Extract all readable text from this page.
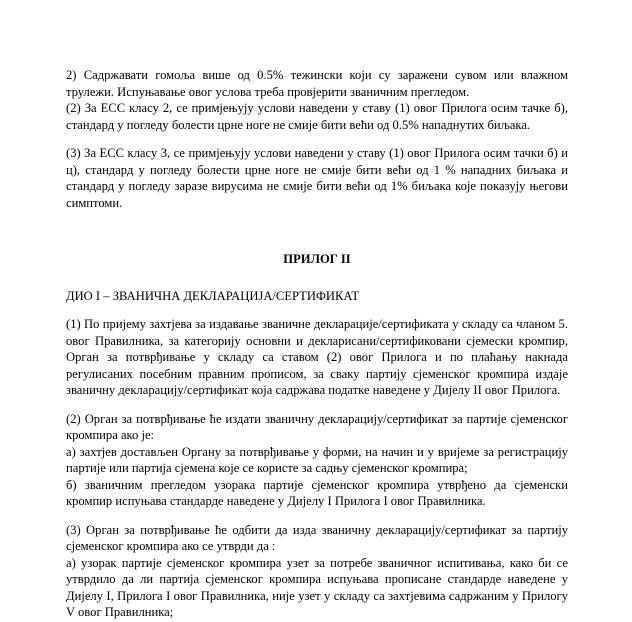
2) Садржавати гомоља више од 0.5% тежински који су заражени сувом или влажном трулежи. Испуњавање овог услова треба провјерити званичним прегледом.

(2) За ЕСС класу 2, се примјењују услови наведени у ставу (1) овог Прилога осим тачке б), стандард у погледу болести црне ноге не смије бити већи од 0.5% нападнутих биљака.

(3) За ЕСС класу 3, се примјењују услови наведени у ставу (1) овог Прилога осим тачки б) и ц), стандард у погледу болести црне ноге не смије бити већи од 1 % нападних биљака и стандард у погледу зарaзе вирусима не смије бити већи од 1% биљака које показују његови симптоми.

ПРИЛОГ II

ДИО I – ЗВАНИЧНА ДЕКЛАРАЦИЈА/СЕРТИФИКАТ

(1) По пријему захтјева за издавање званичне декларације/сертификата у складу са чланом 5. овог Правилника, за категорију основни и декларисани/сертификовани сјемески кромпир, Орган за потврђивање у складу са ставом (2) овог Прилога и по плаћању накнада регулисаних посебним правним прописом, за сваку партију сјеменског кромпира издаје званичну декларацију/сертификат која садржава податке наведене у Дијелу II овог Прилога.

(2) Орган за потврђивање ће издати званичну декларацију/сертификат за партије сјеменског кромпира ако је:

а) захтјев достављен Органу за потврђивање у форми, на начин и у вријеме за регистрацију партије или партија сјемена које се користе за садњу сјеменског кромпира;

б) званичним прегледом узорака партије сјеменског кромпира утврђено да сјеменски кромпир испуњава стандарде наведене у Дијелу I Прилога I овог Правилника.

(3) Орган за потврђивање ће одбити да изда званичну декларацију/сертификат за партију сјеменског кромпира ако се утврди да :

а) узорак партије сјеменског кромпира узет за потребе званичног испитивања, како би се утврдило да ли партија сјеменског кромпира испуњава прописане стандарде наведене у Дијелу I, Прилога I овог Правилника, није узет у складу са захтјевима садржаним у Прилогу V овог Правилника;
